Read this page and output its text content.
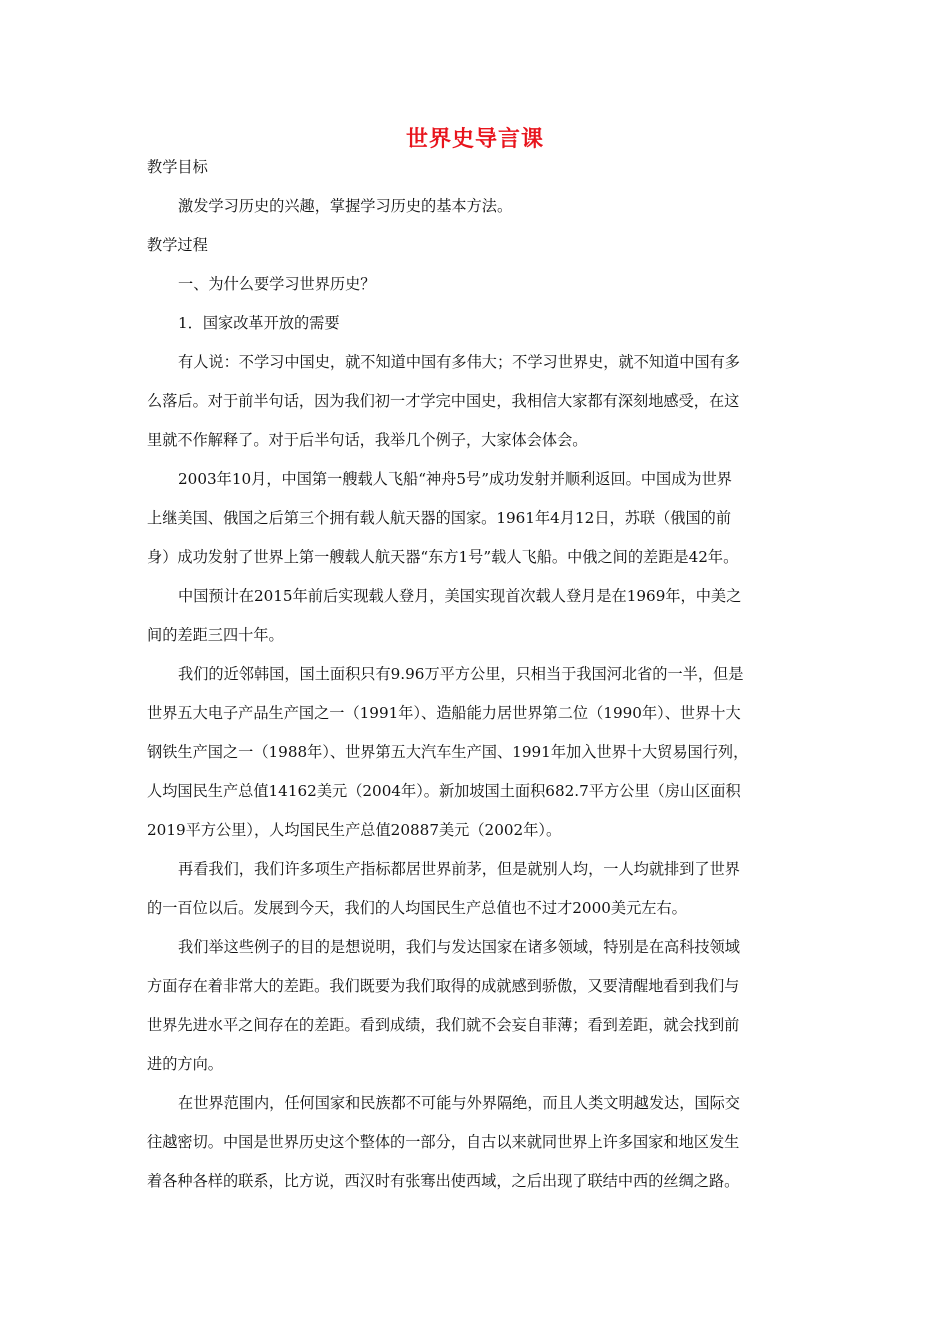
世界史导言课
教学目标
激发学习历史的兴趣，掌握学习历史的基本方法。
教学过程
一、为什么要学习世界历史？
1．国家改革开放的需要
有人说：不学习中国史，就不知道中国有多伟大；不学习世界史，就不知道中国有多
么落后。对于前半句话，因为我们初一才学完中国史，我相信大家都有深刻地感受，在这
里就不作解释了。对于后半句话，我举几个例子，大家体会体会。
2003年10月，中国第一艘载人飞船“神舟5号”成功发射并顺利返回。中国成为世界
上继美国、俄国之后第三个拥有载人航天器的国家。1961年4月12日，苏联（俄国的前
身）成功发射了世界上第一艘载人航天器“东方1号”载人飞船。中俄之间的差距是42年。
中国预计在2015年前后实现载人登月，美国实现首次载人登月是在1969年，中美之
间的差距三四十年。
我们的近邻韩国，国土面积只有9.96万平方公里，只相当于我国河北省的一半，但是
世界五大电子产品生产国之一（1991年）、造船能力居世界第二位（1990年）、世界十大
钢铁生产国之一（1988年）、世界第五大汽车生产国、1991年加入世界十大贸易国行列，
人均国民生产总值14162美元（2004年）。新加坡国土面积682.7平方公里（房山区面积
2019平方公里），人均国民生产总值20887美元（2002年）。
再看我们，我们许多项生产指标都居世界前茅，但是就别人均，一人均就排到了世界
的一百位以后。发展到今天，我们的人均国民生产总值也不过才2000美元左右。
我们举这些例子的目的是想说明，我们与发达国家在诸多领域，特别是在高科技领域
方面存在着非常大的差距。我们既要为我们取得的成就感到骄傲，又要清醒地看到我们与
世界先进水平之间存在的差距。看到成绩，我们就不会妄自菲薄；看到差距，就会找到前
进的方向。
在世界范围内，任何国家和民族都不可能与外界隔绝，而且人类文明越发达，国际交
往越密切。中国是世界历史这个整体的一部分，自古以来就同世界上许多国家和地区发生
着各种各样的联系，比方说，西汉时有张骞出使西域，之后出现了联结中西的丝绸之路。
